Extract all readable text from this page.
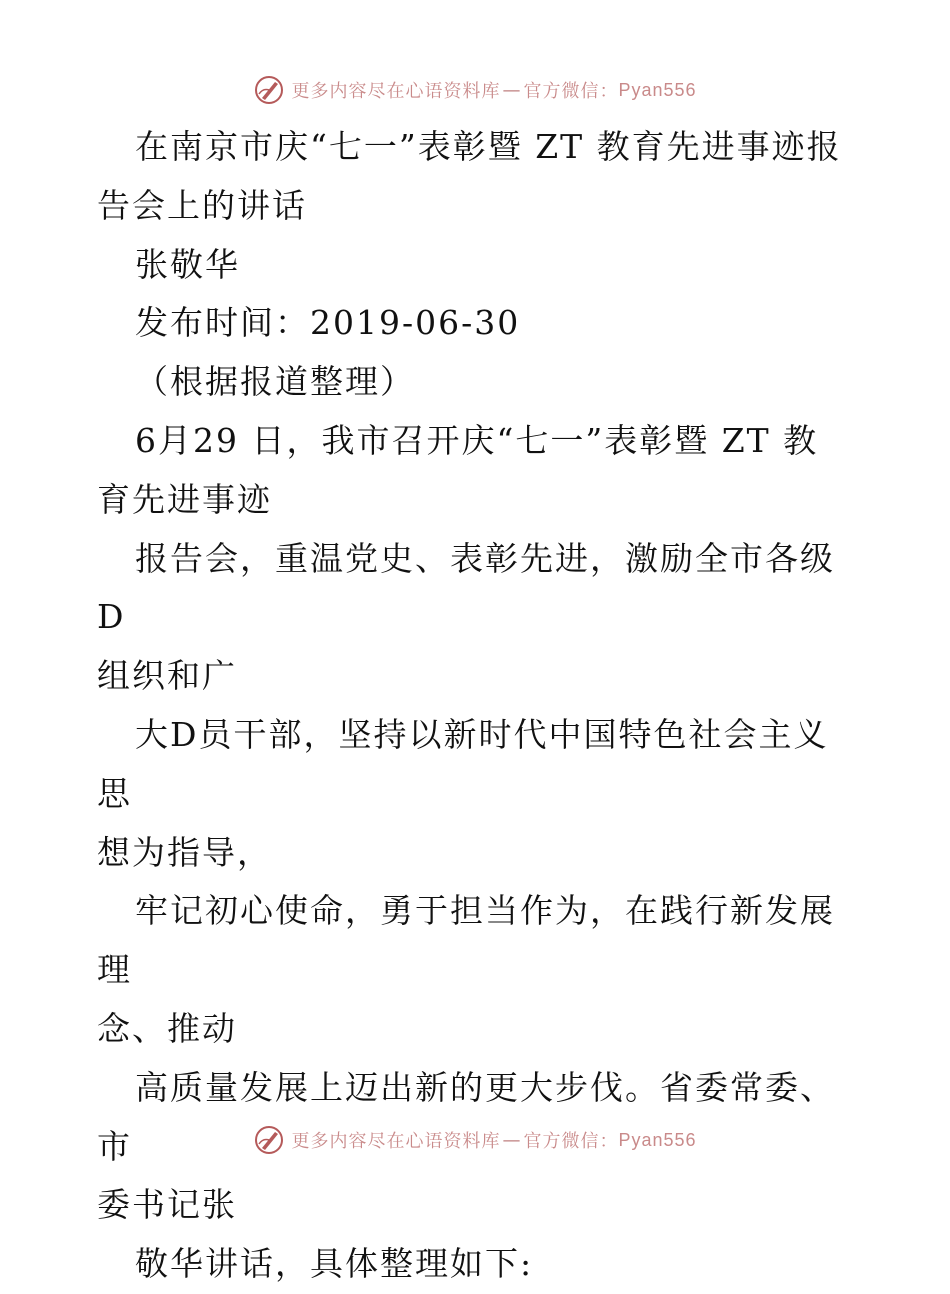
更多内容尽在心语资料库 — 官方微信： Pyan556

在南京市庆“七一”表彰暨 ZT 教育先进事迹报
告会上的讲话

张敬华

发布时间：2019-06-30

（根据报道整理）

6月29 日，我市召开庆“七一”表彰暨 ZT 教
育先进事迹

报告会，重温党史、表彰先进，激励全市各级 D
组织和广

大D员干部，坚持以新时代中国特色社会主义思
想为指导，

牢记初心使命，勇于担当作为，在践行新发展理
念、推动

高质量发展上迈出新的更大步伐。省委常委、市
委书记张

敬华讲话，具体整理如下:

更多内容尽在心语资料库 — 官方微信： Pyan556
